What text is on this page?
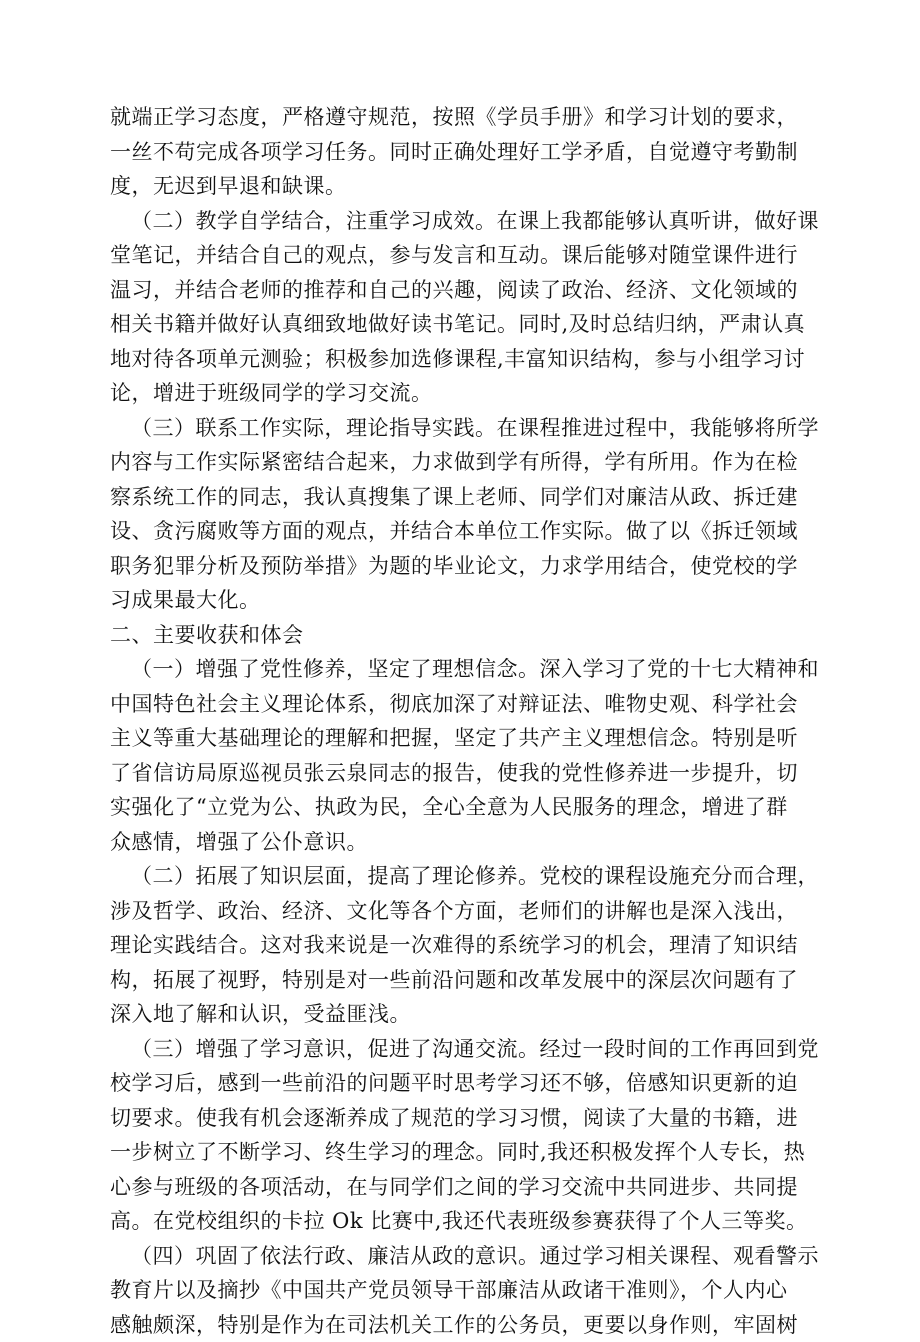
就端正学习态度，严格遵守规范，按照《学员手册》和学习计划的要求，
一丝不苟完成各项学习任务。同时正确处理好工学矛盾，自觉遵守考勤制
度，无迟到早退和缺课。
（二）教学自学结合，注重学习成效。在课上我都能够认真听讲，做好课
堂笔记，并结合自己的观点，参与发言和互动。课后能够对随堂课件进行
温习，并结合老师的推荐和自己的兴趣，阅读了政治、经济、文化领域的
相关书籍并做好认真细致地做好读书笔记。同时,及时总结归纳，严肃认真
地对待各项单元测验；积极参加选修课程,丰富知识结构，参与小组学习讨
论，增进于班级同学的学习交流。
（三）联系工作实际，理论指导实践。在课程推进过程中，我能够将所学
内容与工作实际紧密结合起来，力求做到学有所得，学有所用。作为在检
察系统工作的同志，我认真搜集了课上老师、同学们对廉洁从政、拆迁建
设、贪污腐败等方面的观点，并结合本单位工作实际。做了以《拆迁领域
职务犯罪分析及预防举措》为题的毕业论文，力求学用结合，使党校的学
习成果最大化。
二、主要收获和体会
（一）增强了党性修养，坚定了理想信念。深入学习了党的十七大精神和
中国特色社会主义理论体系，彻底加深了对辩证法、唯物史观、科学社会
主义等重大基础理论的理解和把握，坚定了共产主义理想信念。特别是听
了省信访局原巡视员张云泉同志的报告，使我的党性修养进一步提升，切
实强化了“立党为公、执政为民，全心全意为人民服务的理念，增进了群
众感情，增强了公仆意识。
（二）拓展了知识层面，提高了理论修养。党校的课程设施充分而合理，
涉及哲学、政治、经济、文化等各个方面，老师们的讲解也是深入浅出，
理论实践结合。这对我来说是一次难得的系统学习的机会，理清了知识结
构，拓展了视野，特别是对一些前沿问题和改革发展中的深层次问题有了
深入地了解和认识，受益匪浅。
（三）增强了学习意识，促进了沟通交流。经过一段时间的工作再回到党
校学习后，感到一些前沿的问题平时思考学习还不够，倍感知识更新的迫
切要求。使我有机会逐渐养成了规范的学习习惯，阅读了大量的书籍，进
一步树立了不断学习、终生学习的理念。同时,我还积极发挥个人专长，热
心参与班级的各项活动，在与同学们之间的学习交流中共同进步、共同提
高。在党校组织的卡拉 Ok 比赛中,我还代表班级参赛获得了个人三等奖。
（四）巩固了依法行政、廉洁从政的意识。通过学习相关课程、观看警示
教育片以及摘抄《中国共产党员领导干部廉洁从政诸干准则》，个人内心
感触颇深，特别是作为在司法机关工作的公务员，更要以身作则，牢固树
